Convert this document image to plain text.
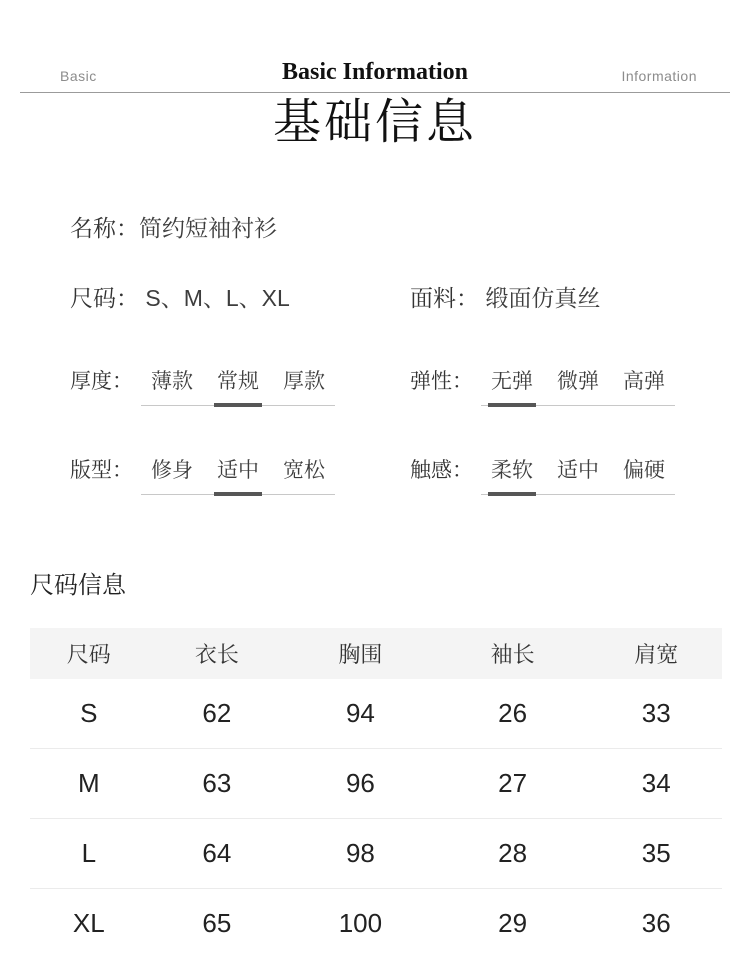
Basic	Basic Information	Information
基础信息
名称： 简约短袖衬衫
尺码： S、M、L、XL	面料： 缎面仿真丝
厚度： 薄款 常规 厚款	弹性： 无弹 微弹 高弹
版型： 修身 适中 宽松	触感： 柔软 适中 偏硬
尺码信息
尺码	衣长	胸围	袖长	肩宽
S	62	94	26	33
M	63	96	27	34
L	64	98	28	35
XL	65	100	29	36
